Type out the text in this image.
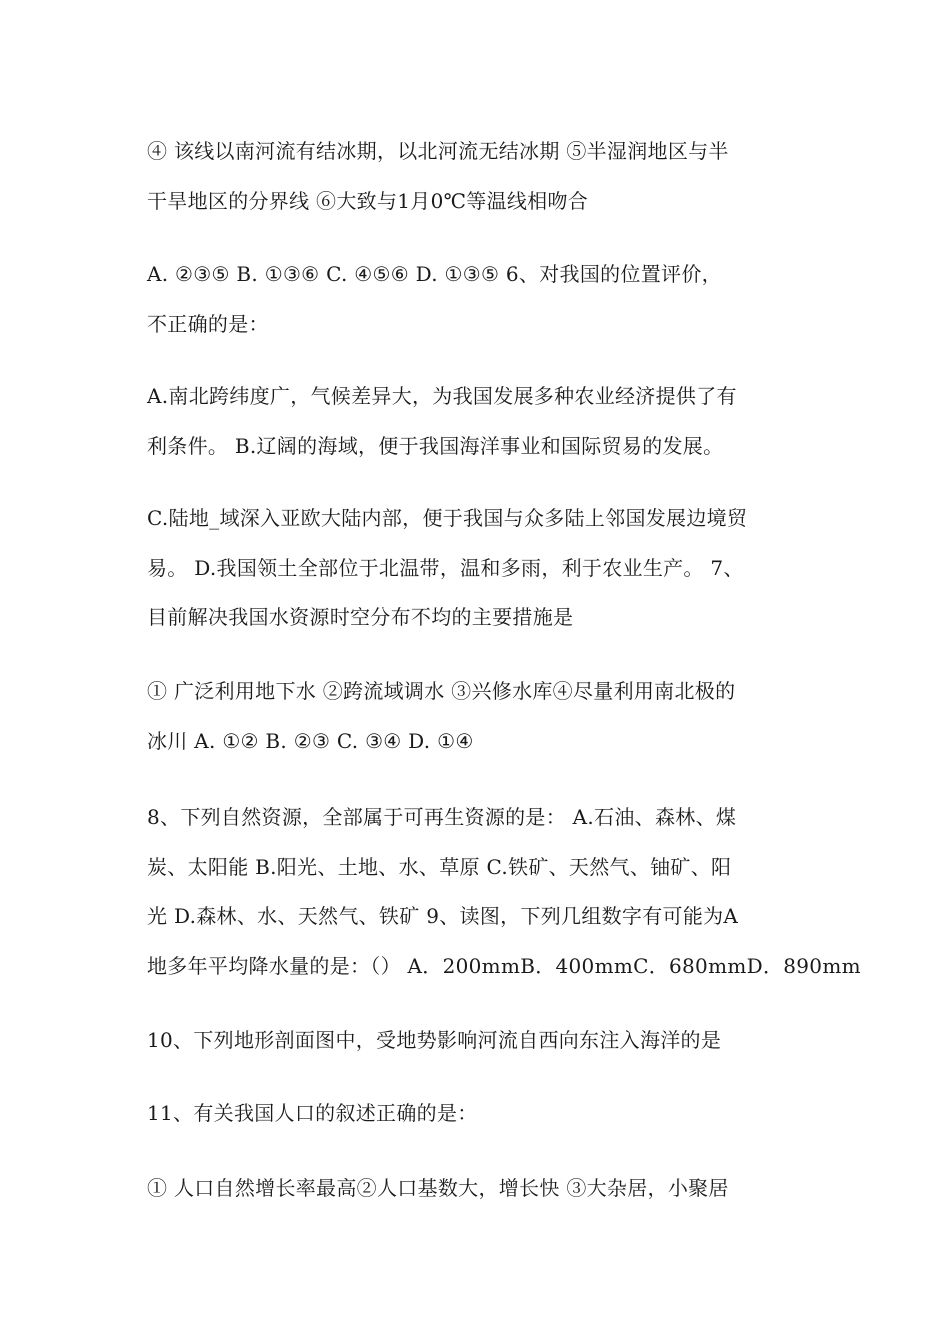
④ 该线以南河流有结冰期，以北河流无结冰期 ⑤半湿润地区与半
干旱地区的分界线 ⑥大致与1月0℃等温线相吻合
A. ②③⑤ B. ①③⑥ C. ④⑤⑥ D. ①③⑤ 6、对我国的位置评价，
不正确的是：
A.南北跨纬度广，气候差异大，为我国发展多种农业经济提供了有
利条件。 B.辽阔的海域，便于我国海洋事业和国际贸易的发展。
C.陆地_域深入亚欧大陆内部，便于我国与众多陆上邻国发展边境贸
易。 D.我国领土全部位于北温带，温和多雨，利于农业生产。 7、
目前解决我国水资源时空分布不均的主要措施是
① 广泛利用地下水 ②跨流域调水 ③兴修水库④尽量利用南北极的
冰川 A. ①② B. ②③ C. ③④ D. ①④
8、下列自然资源，全部属于可再生资源的是： A.石油、森林、煤
炭、太阳能 B.阳光、土地、水、草原 C.铁矿、天然气、铀矿、阳
光 D.森林、水、天然气、铁矿 9、读图，下列几组数字有可能为A
地多年平均降水量的是：（） A．200mmB．400mmC．680mmD．890mm
10、下列地形剖面图中，受地势影响河流自西向东注入海洋的是
11、有关我国人口的叙述正确的是：
① 人口自然增长率最高②人口基数大，增长快 ③大杂居，小聚居
